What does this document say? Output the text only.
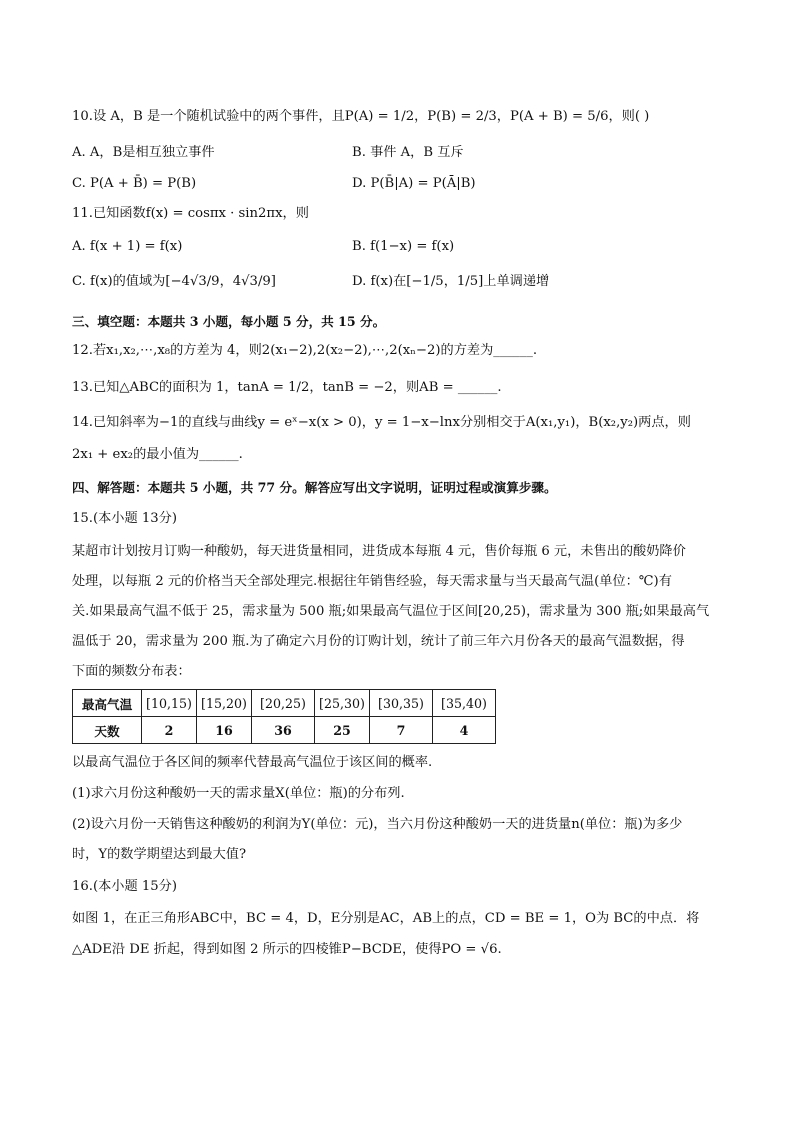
10.设 A，B 是一个随机试验中的两个事件，且P(A) = 1/2，P(B) = 2/3，P(A + B) = 5/6，则( )
A. A，B是相互独立事件	B. 事件 A，B 互斥
C. P(A + B̄) = P(B)	D. P(B̄|A) = P(Ā|B)
11.已知函数f(x) = cosπx · sin2πx，则
A. f(x + 1) = f(x)	B. f(1−x) = f(x)
C. f(x)的值域为[−4√3/9，4√3/9]	D. f(x)在[−1/5，1/5]上单调递增
三、填空题：本题共 3 小题，每小题 5 分，共 15 分。
12.若x₁,x₂,⋯,x₈的方差为 4，则2(x₁−2),2(x₂−2),⋯,2(xₙ−2)的方差为______.
13.已知△ABC的面积为 1，tanA = 1/2，tanB = −2，则AB = ______.
14.已知斜率为−1的直线与曲线y = eˣ−x(x > 0)，y = 1−x−lnx分别相交于A(x₁,y₁)，B(x₂,y₂)两点，则
2x₁ + ex₂的最小值为______.
四、解答题：本题共 5 小题，共 77 分。解答应写出文字说明，证明过程或演算步骤。
15.(本小题 13分)
某超市计划按月订购一种酸奶，每天进货量相同，进货成本每瓶 4 元，售价每瓶 6 元，未售出的酸奶降价
处理，以每瓶 2 元的价格当天全部处理完.根据往年销售经验，每天需求量与当天最高气温(单位：℃)有
关.如果最高气温不低于 25，需求量为 500 瓶;如果最高气温位于区间[20,25)，需求量为 300 瓶;如果最高气
温低于 20，需求量为 200 瓶.为了确定六月份的订购计划，统计了前三年六月份各天的最高气温数据，得
下面的频数分布表：
最高气温	[10,15)	[15,20)	[20,25)	[25,30)	[30,35)	[35,40)
天数	2	16	36	25	7	4
以最高气温位于各区间的频率代替最高气温位于该区间的概率.
(1)求六月份这种酸奶一天的需求量X(单位：瓶)的分布列.
(2)设六月份一天销售这种酸奶的利润为Y(单位：元)，当六月份这种酸奶一天的进货量n(单位：瓶)为多少
时，Y的数学期望达到最大值?
16.(本小题 15分)
如图 1，在正三角形ABC中，BC = 4，D，E分别是AC，AB上的点，CD = BE = 1，O为 BC的中点．将
△ADE沿 DE 折起，得到如图 2 所示的四棱锥P−BCDE，使得PO = √6.
